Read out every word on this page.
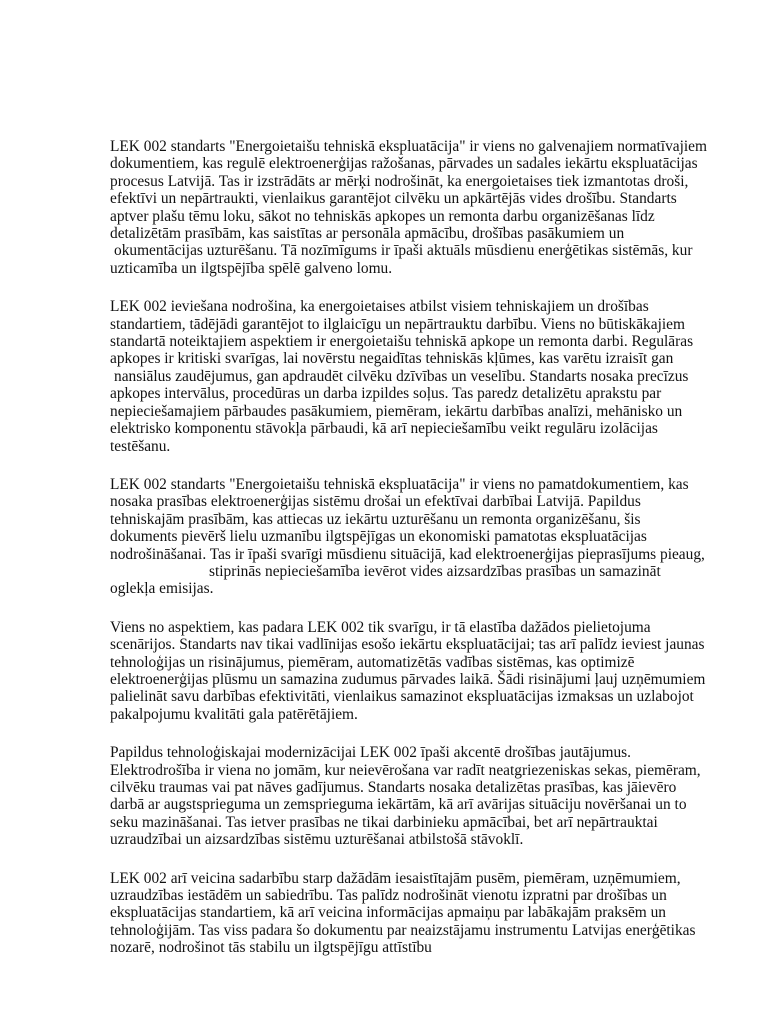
LEK 002 standarts "Energoietaišu tehniskā ekspluatācija" ir viens no galvenajiem normatīvajiem
dokumentiem, kas regulē elektroenerģijas ražošanas, pārvades un sadales iekārtu ekspluatācijas
procesus Latvijā. Tas ir izstrādāts ar mērķi nodrošināt, ka energoietaises tiek izmantotas droši,
efektīvi un nepārtraukti, vienlaikus garantējot cilvēku un apkārtējās vides drošību. Standarts
aptver plašu tēmu loku, sākot no tehniskās apkopes un remonta darbu organizēšanas līdz
detalizētām prasībām, kas saistītas ar personāla apmācību, drošības pasākumiem un
okumentācijas uzturēšanu. Tā nozīmīgums ir īpaši aktuāls mūsdienu enerģētikas sistēmās, kur
uzticamība un ilgtspējība spēlē galveno lomu.

LEK 002 ieviešana nodrošina, ka energoietaises atbilst visiem tehniskajiem un drošības
standartiem, tādējādi garantējot to ilglaicīgu un nepārtrauktu darbību. Viens no būtiskākajiem
standartā noteiktajiem aspektiem ir energoietaišu tehniskā apkope un remonta darbi. Regulāras
apkopes ir kritiski svarīgas, lai novērstu negaidītas tehniskās kļūmes, kas varētu izraisīt gan
nansiālus zaudējumus, gan apdraudēt cilvēku dzīvības un veselību. Standarts nosaka precīzus
apkopes intervālus, procedūras un darba izpildes soļus. Tas paredz detalizētu aprakstu par
nepieciešamajiem pārbaudes pasākumiem, piemēram, iekārtu darbības analīzi, mehānisko un
elektrisko komponentu stāvokļa pārbaudi, kā arī nepieciešamību veikt regulāru izolācijas
testēšanu.

LEK 002 standarts "Energoietaišu tehniskā ekspluatācija" ir viens no pamatdokumentiem, kas
nosaka prasības elektroenerģijas sistēmu drošai un efektīvai darbībai Latvijā. Papildus
tehniskajām prasībām, kas attiecas uz iekārtu uzturēšanu un remonta organizēšanu, šis
dokuments pievērš lielu uzmanību ilgtspējīgas un ekonomiski pamatotas ekspluatācijas
nodrošināšanai. Tas ir īpaši svarīgi mūsdienu situācijā, kad elektroenerģijas pieprasījums pieaug,
stiprinās nepieciešamība ievērot vides aizsardzības prasības un samazināt
oglekļa emisijas.

Viens no aspektiem, kas padara LEK 002 tik svarīgu, ir tā elastība dažādos pielietojuma
scenārijos. Standarts nav tikai vadlīnijas esošo iekārtu ekspluatācijai; tas arī palīdz ieviest jaunas
tehnoloģijas un risinājumus, piemēram, automatizētās vadības sistēmas, kas optimizē
elektroenerģijas plūsmu un samazina zudumus pārvades laikā. Šādi risinājumi ļauj uzņēmumiem
palielināt savu darbības efektivitāti, vienlaikus samazinot ekspluatācijas izmaksas un uzlabojot
pakalpojumu kvalitāti gala patērētājiem.

Papildus tehnoloģiskajai modernizācijai LEK 002 īpaši akcentē drošības jautājumus.
Elektrodrošība ir viena no jomām, kur neievērošana var radīt neatgriezeniskas sekas, piemēram,
cilvēku traumas vai pat nāves gadījumus. Standarts nosaka detalizētas prasības, kas jāievēro
darbā ar augstsprieguma un zemsprieguma iekārtām, kā arī avārijas situāciju novēršanai un to
seku mazināšanai. Tas ietver prasības ne tikai darbinieku apmācībai, bet arī nepārtrauktai
uzraudzībai un aizsardzības sistēmu uzturēšanai atbilstošā stāvoklī.

LEK 002 arī veicina sadarbību starp dažādām iesaistītajām pusēm, piemēram, uzņēmumiem,
uzraudzības iestādēm un sabiedrību. Tas palīdz nodrošināt vienotu izpratni par drošības un
ekspluatācijas standartiem, kā arī veicina informācijas apmaiņu par labākajām praksēm un
tehnoloģijām. Tas viss padara šo dokumentu par neaizstājamu instrumentu Latvijas enerģētikas
nozarē, nodrošinot tās stabilu un ilgtspējīgu attīstību
